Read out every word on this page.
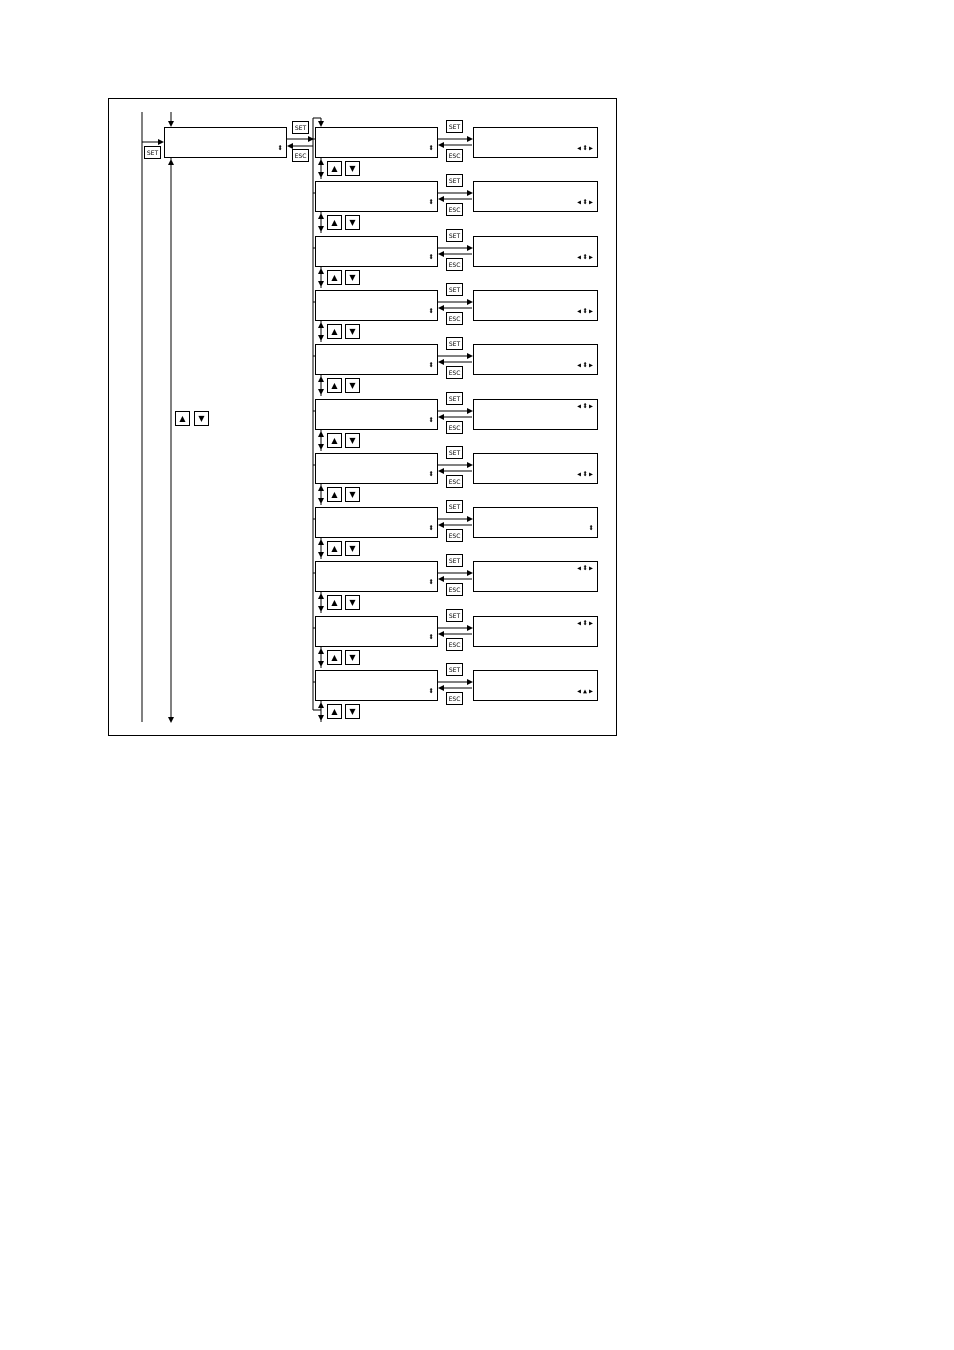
⬍

SET
SET
ESC
▲	▼

⬍

	◂⬍▸

SET
ESC
▲	▼

⬍

	◂⬍▸

SET
ESC
▲	▼

⬍

	◂⬍▸

SET
ESC
▲	▼

⬍

	◂⬍▸

SET
ESC
▲	▼

⬍

	◂⬍▸

SET
ESC
▲	▼

⬍

◂⬍▸

SET
ESC
▲	▼

⬍

	◂⬍▸

SET
ESC
▲	▼

⬍

	⬍

SET
ESC
▲	▼

⬍

◂⬍▸

SET
ESC
▲	▼

⬍

◂⬍▸

SET
ESC
▲	▼

⬍

	◂▴▸

SET
ESC
▲	▼
